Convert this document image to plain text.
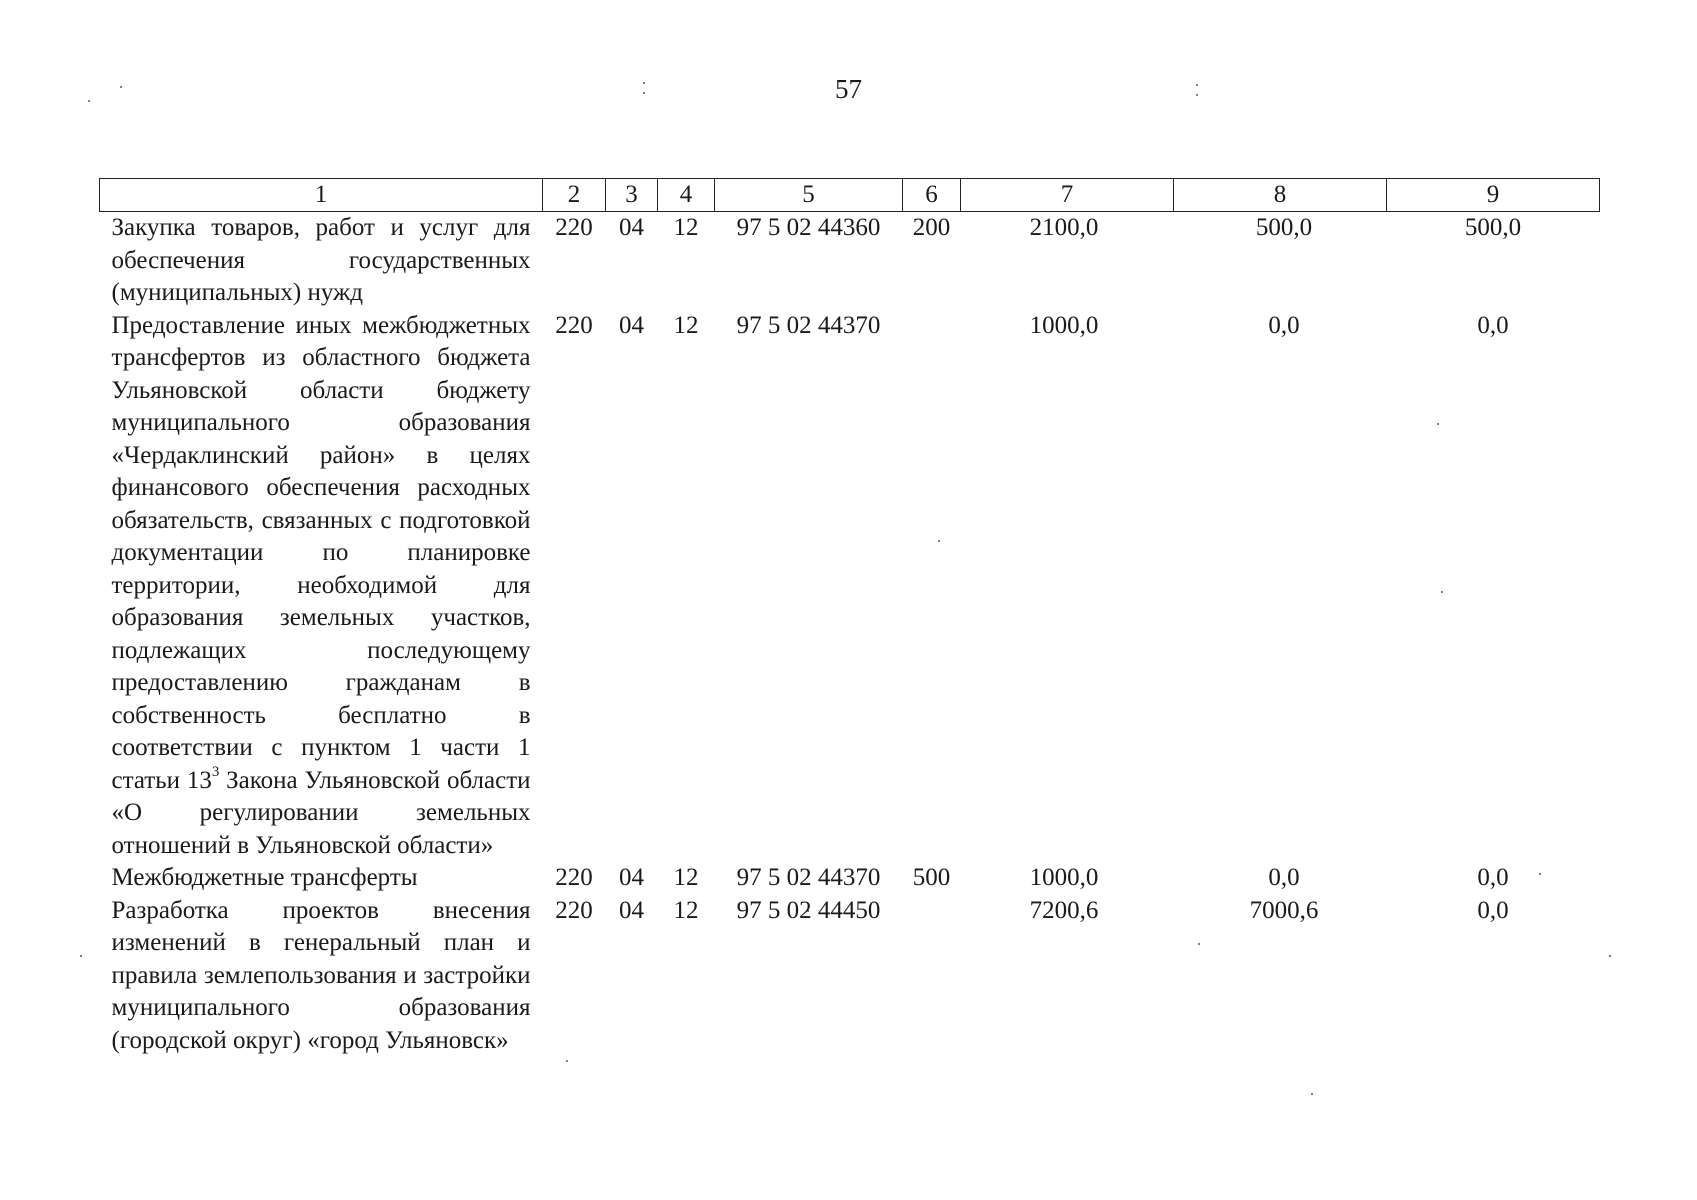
57
1	2	3	4	5	6	7	8	9
Закупка товаров, работ и услуг для обеспечения государственных (муниципальных) нужд	220	04	12	97 5 02 44360	200	2100,0	500,0	500,0
Предоставление иных межбюджетных трансфертов из областного бюджета Ульяновской области бюджету муниципального образования «Чердаклинский район» в целях финансового обеспечения расходных обязательств, связанных с подготовкой документации по планировке территории, необходимой для образования земельных участков, подлежащих последующему предоставлению гражданам в собственность бесплатно в соответствии с пунктом 1 части 1 статьи $13^3$ Закона Ульяновской области «О регулировании земельных отношений в Ульяновской области»	220	04	12	97 5 02 44370		1000,0	0,0	0,0
Межбюджетные трансферты	220	04	12	97 5 02 44370	500	1000,0	0,0	0,0
Разработка проектов внесения изменений в генеральный план и правила землепользования и застройки муниципального образования (городской округ) «город Ульяновск»	220	04	12	97 5 02 44450		7200,6	7000,6	0,0
